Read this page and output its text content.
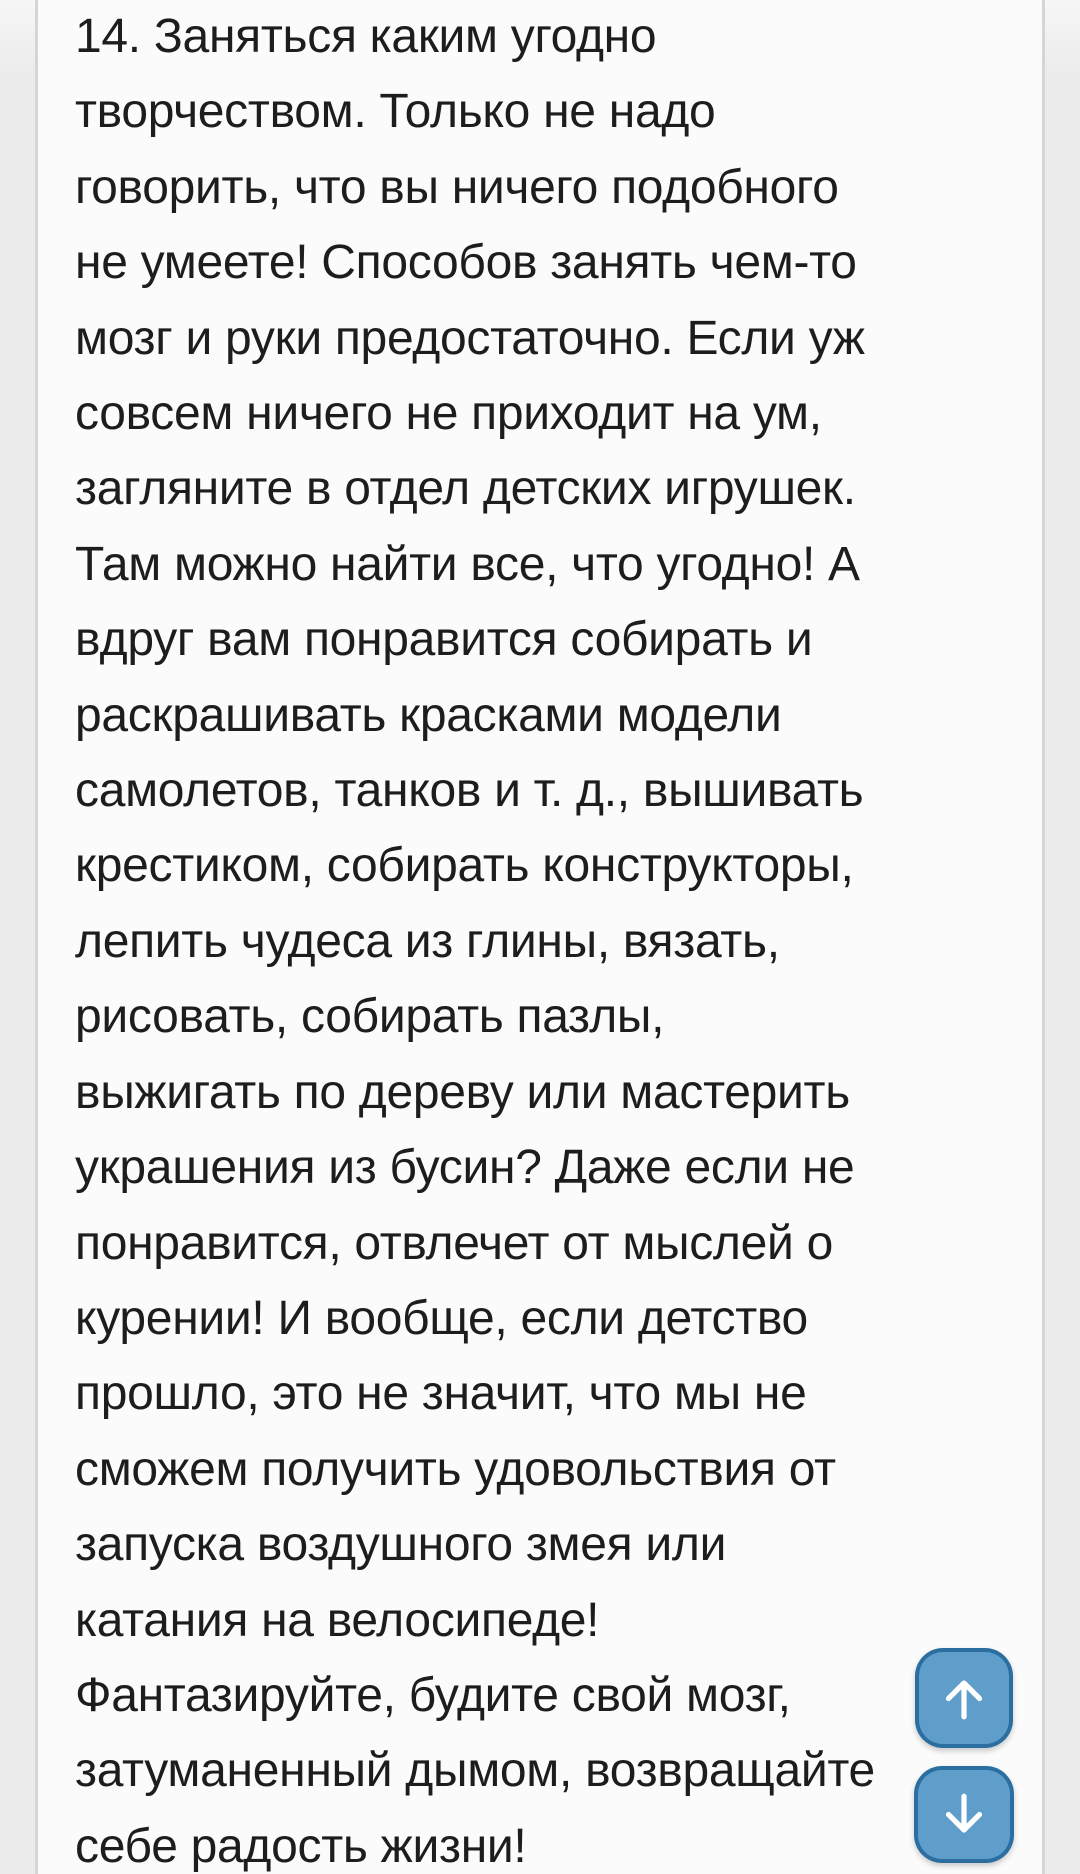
14. Заняться каким угодно
творчеством. Только не надо
говорить, что вы ничего подобного
не умеете! Способов занять чем-то
мозг и руки предостаточно. Если уж
совсем ничего не приходит на ум,
загляните в отдел детских игрушек.
Там можно найти все, что угодно! А
вдруг вам понравится собирать и
раскрашивать красками модели
самолетов, танков и т. д., вышивать
крестиком, собирать конструкторы,
лепить чудеса из глины, вязать,
рисовать, собирать пазлы,
выжигать по дереву или мастерить
украшения из бусин? Даже если не
понравится, отвлечет от мыслей о
курении! И вообще, если детство
прошло, это не значит, что мы не
сможем получить удовольствия от
запуска воздушного змея или
катания на велосипеде!
Фантазируйте, будите свой мозг,
затуманенный дымом, возвращайте
себе радость жизни!
